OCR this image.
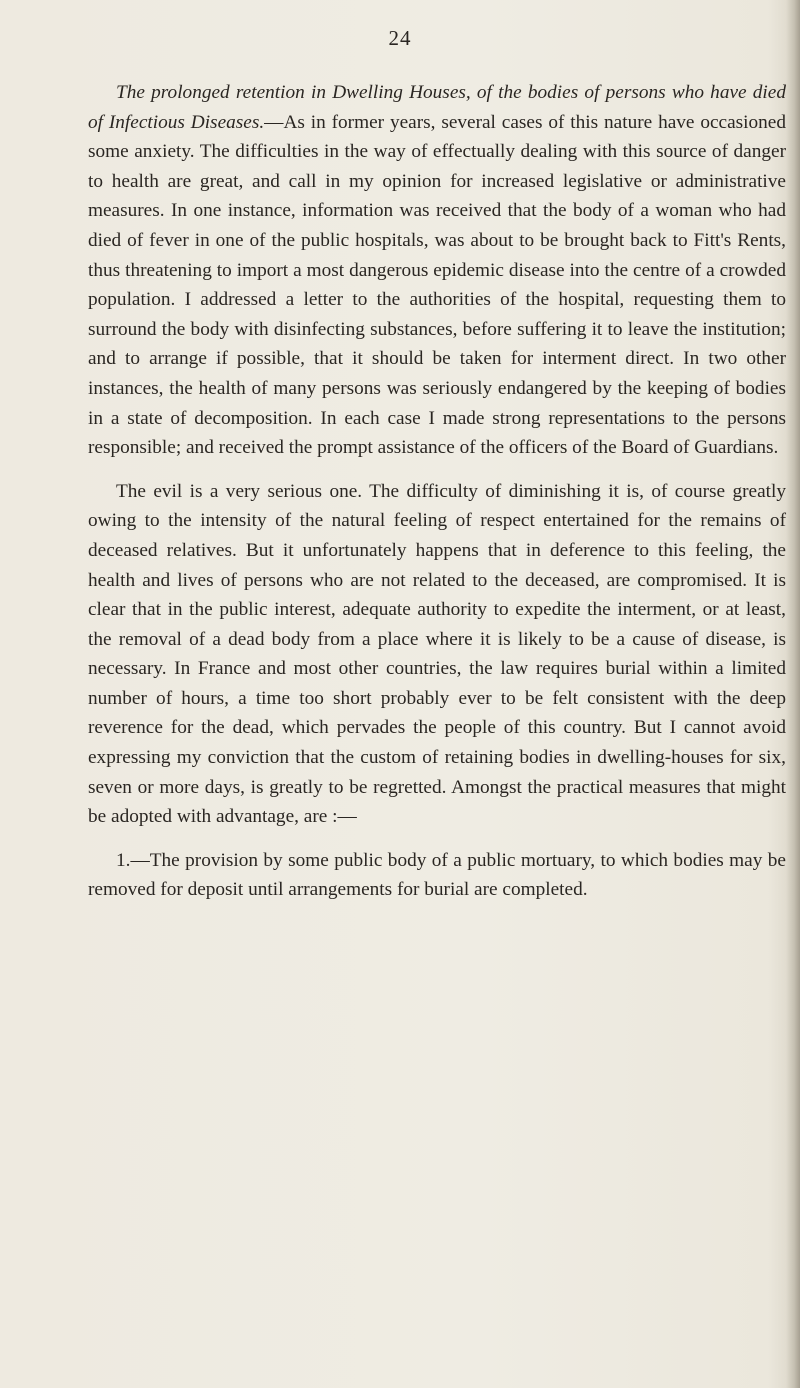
24

The prolonged retention in Dwelling Houses, of the bodies of persons who have died of Infectious Diseases.—As in former years, several cases of this nature have occasioned some anxiety. The difficulties in the way of effectually dealing with this source of danger to health are great, and call in my opinion for increased legislative or administrative measures. In one instance, information was received that the body of a woman who had died of fever in one of the public hospitals, was about to be brought back to Fitt's Rents, thus threatening to import a most dangerous epidemic disease into the centre of a crowded population. I addressed a letter to the authorities of the hospital, requesting them to surround the body with disinfecting substances, before suffering it to leave the institution; and to arrange if possible, that it should be taken for interment direct. In two other instances, the health of many persons was seriously endangered by the keeping of bodies in a state of decomposition. In each case I made strong representations to the persons responsible; and received the prompt assistance of the officers of the Board of Guardians.

The evil is a very serious one. The difficulty of diminishing it is, of course greatly owing to the intensity of the natural feeling of respect entertained for the remains of deceased relatives. But it unfortunately happens that in deference to this feeling, the health and lives of persons who are not related to the deceased, are compromised. It is clear that in the public interest, adequate authority to expedite the interment, or at least, the removal of a dead body from a place where it is likely to be a cause of disease, is necessary. In France and most other countries, the law requires burial within a limited number of hours, a time too short probably ever to be felt consistent with the deep reverence for the dead, which pervades the people of this country. But I cannot avoid expressing my conviction that the custom of retaining bodies in dwelling-houses for six, seven or more days, is greatly to be regretted. Amongst the practical measures that might be adopted with advantage, are :—

1.—The provision by some public body of a public mortuary, to which bodies may be removed for deposit until arrangements for burial are completed.
